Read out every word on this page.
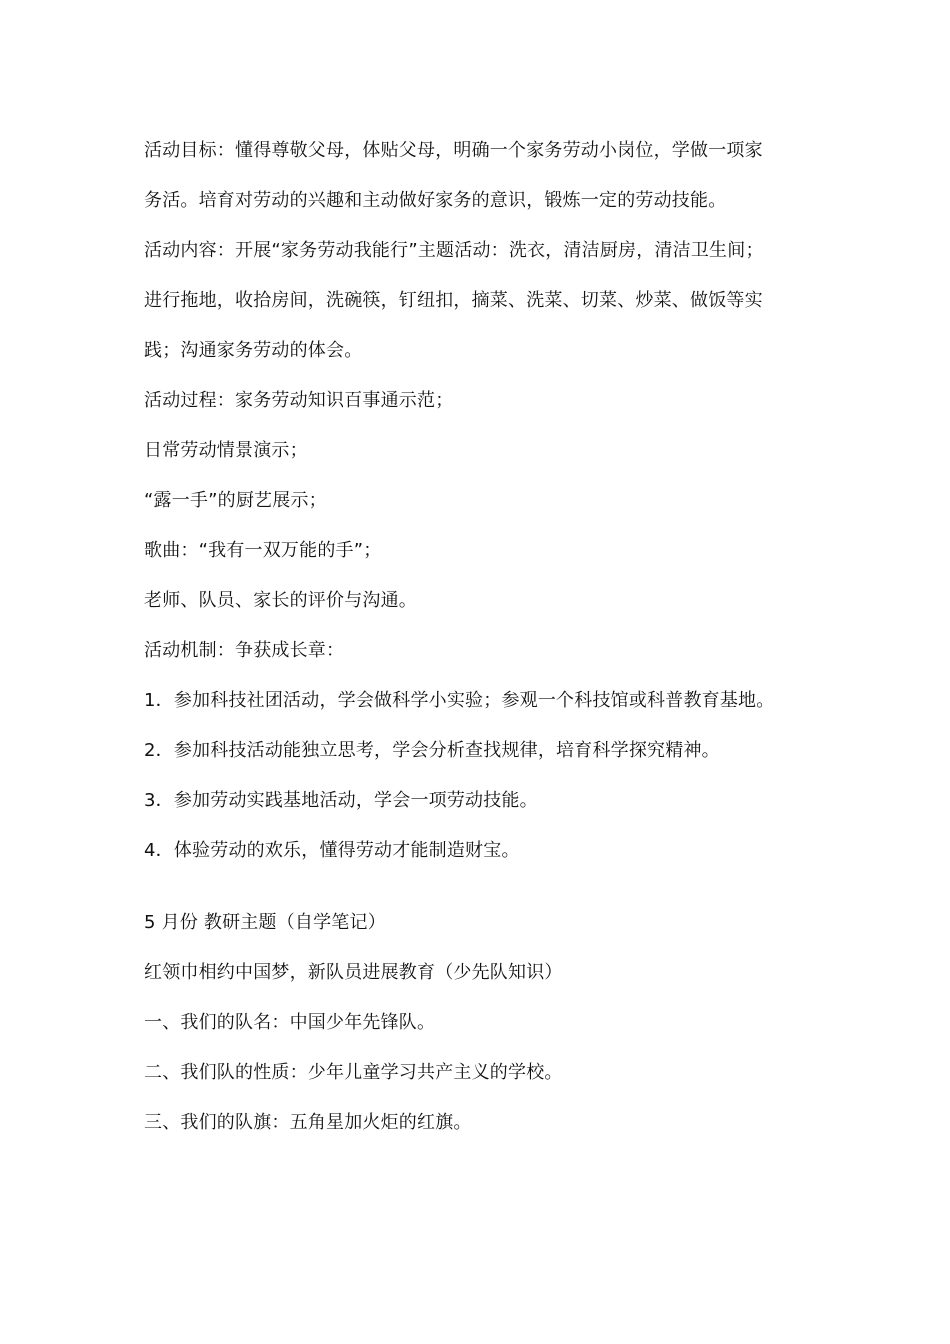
活动目标：懂得尊敬父母，体贴父母，明确一个家务劳动小岗位，学做一项家
务活。培育对劳动的兴趣和主动做好家务的意识，锻炼一定的劳动技能。
活动内容：开展“家务劳动我能行”主题活动：洗衣，清洁厨房，清洁卫生间；
进行拖地，收拾房间，洗碗筷，钉纽扣，摘菜、洗菜、切菜、炒菜、做饭等实
践；沟通家务劳动的体会。
活动过程：家务劳动知识百事通示范；
日常劳动情景演示；
“露一手”的厨艺展示；
歌曲：“我有一双万能的手”；
老师、队员、家长的评价与沟通。
活动机制：争获成长章：
1．参加科技社团活动，学会做科学小实验；参观一个科技馆或科普教育基地。
2．参加科技活动能独立思考，学会分析查找规律，培育科学探究精神。
3．参加劳动实践基地活动，学会一项劳动技能。
4．体验劳动的欢乐，懂得劳动才能制造财宝。
5 月份 教研主题（自学笔记）
红领巾相约中国梦，新队员进展教育（少先队知识）
一、我们的队名：中国少年先锋队。
二、我们队的性质：少年儿童学习共产主义的学校。
三、我们的队旗：五角星加火炬的红旗。
